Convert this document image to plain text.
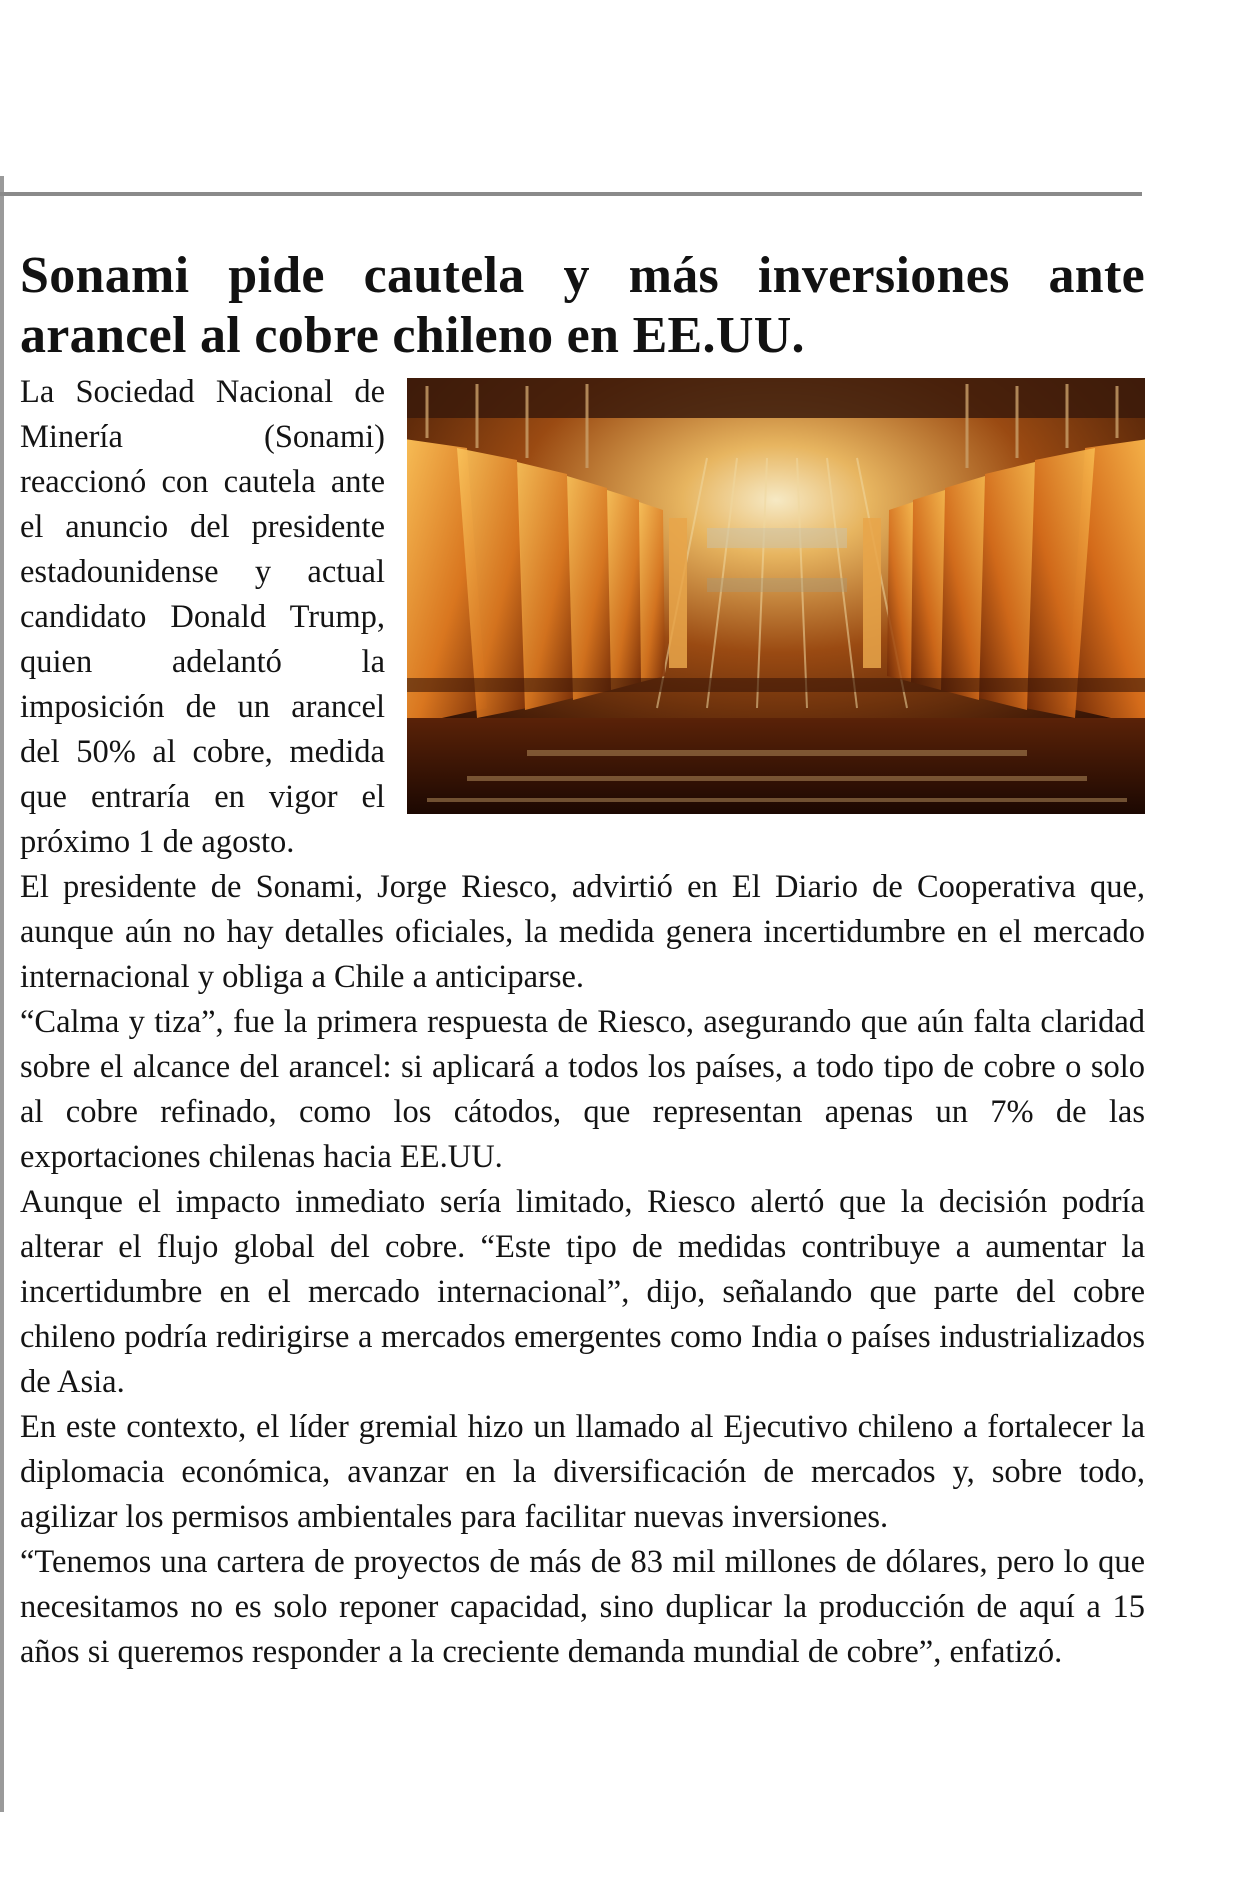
Sonami pide cautela y más inversiones ante arancel al cobre chileno en EE.UU.

La Sociedad Nacional de Minería (Sonami) reaccionó con cautela ante el anuncio del presidente estadounidense y actual candidato Donald Trump, quien adelantó la imposición de un arancel del 50% al cobre, medida que entraría en vigor el próximo 1 de agosto.

El presidente de Sonami, Jorge Riesco, advirtió en El Diario de Cooperativa que, aunque aún no hay detalles oficiales, la medida genera incertidumbre en el mercado internacional y obliga a Chile a anticiparse.

“Calma y tiza”, fue la primera respuesta de Riesco, asegurando que aún falta claridad sobre el alcance del arancel: si aplicará a todos los países, a todo tipo de cobre o solo al cobre refinado, como los cátodos, que representan apenas un 7% de las exportaciones chilenas hacia EE.UU.

Aunque el impacto inmediato sería limitado, Riesco alertó que la decisión podría alterar el flujo global del cobre. “Este tipo de medidas contribuye a aumentar la incertidumbre en el mercado internacional”, dijo, señalando que parte del cobre chileno podría redirigirse a mercados emergentes como India o países industrializados de Asia.

En este contexto, el líder gremial hizo un llamado al Ejecutivo chileno a fortalecer la diplomacia económica, avanzar en la diversificación de mercados y, sobre todo, agilizar los permisos ambientales para facilitar nuevas inversiones.

“Tenemos una cartera de proyectos de más de 83 mil millones de dólares, pero lo que necesitamos no es solo reponer capacidad, sino duplicar la producción de aquí a 15 años si queremos responder a la creciente demanda mundial de cobre”, enfatizó.
